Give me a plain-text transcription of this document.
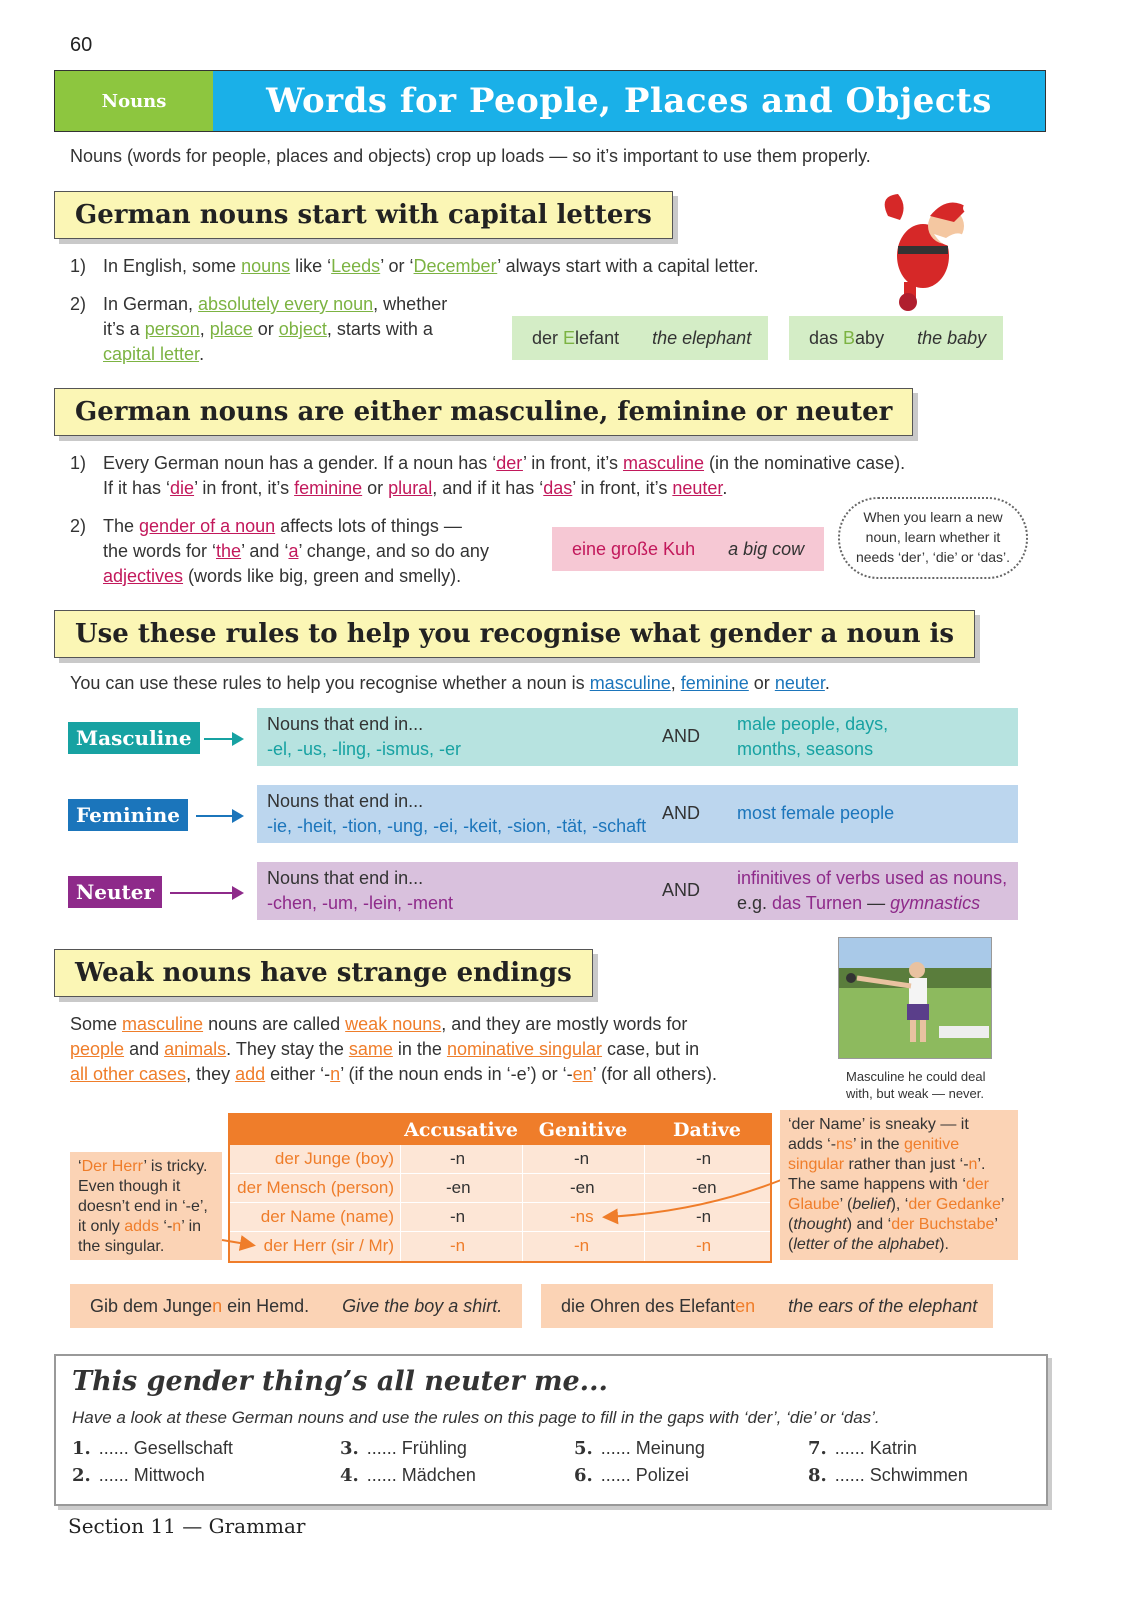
60
Nouns	Words for People, Places and Objects
Nouns (words for people, places and objects) crop up loads — so it’s important to use them properly.
German nouns start with capital letters
1) In English, some nouns like ‘Leeds’ or ‘December’ always start with a capital letter.
2) In German, absolutely every noun, whether
it’s a person, place or object, starts with a
capital letter.
der Elefant the elephant	das Baby the baby
German nouns are either masculine, feminine or neuter
1) Every German noun has a gender. If a noun has ‘der’ in front, it’s masculine (in the nominative case).
If it has ‘die’ in front, it’s feminine or plural, and if it has ‘das’ in front, it’s neuter.
2) The gender of a noun affects lots of things —
the words for ‘the’ and ‘a’ change, and so do any
adjectives (words like big, green and smelly).
eine große Kuh a big cow
When you learn a new
noun, learn whether it
needs ‘der’, ‘die’ or ‘das’.
Use these rules to help you recognise what gender a noun is
You can use these rules to help you recognise whether a noun is masculine, feminine or neuter.
Masculine
Nouns that end in...
-el, -us, -ling, -ismus, -er
AND
male people, days,
months, seasons
Feminine
Nouns that end in...
-ie, -heit, -tion, -ung, -ei, -keit, -sion, -tät, -schaft
AND most female people
Neuter
Nouns that end in...
-chen, -um, -lein, -ment
AND
infinitives of verbs used as nouns,
e.g. das Turnen — gymnastics
Weak nouns have strange endings
Masculine he could deal
with, but weak — never.
Some masculine nouns are called weak nouns, and they are mostly words for
people and animals. They stay the same in the nominative singular case, but in
all other cases, they add either ‘-n’ (if the noun ends in ‘-e’) or ‘-en’ (for all others).
‘Der Herr’ is tricky.
Even though it
doesn’t end in ‘-e’,
it only adds ‘-n’ in
the singular.
Accusative	Genitive	Dative
der Junge (boy)	-n	-n	-n
der Mensch (person)	-en	-en	-en
der Name (name)	-n	-ns	-n
der Herr (sir / Mr)	-n	-n	-n
‘der Name’ is sneaky — it
adds ‘-ns’ in the genitive
singular rather than just ‘-n’.
The same happens with ‘der
Glaube’ (belief), ‘der Gedanke’
(thought) and ‘der Buchstabe’
(letter of the alphabet).
Gib dem Jungen ein Hemd. Give the boy a shirt.	die Ohren des Elefanten the ears of the elephant
This gender thing’s all neuter me...
Have a look at these German nouns and use the rules on this page to fill in the gaps with ‘der’, ‘die’ or ‘das’.
1. ...... Gesellschaft
2. ...... Mittwoch
3. ...... Frühling
4. ...... Mädchen
5. ...... Meinung
6. ...... Polizei
7. ...... Katrin
8. ...... Schwimmen
Section 11 — Grammar
